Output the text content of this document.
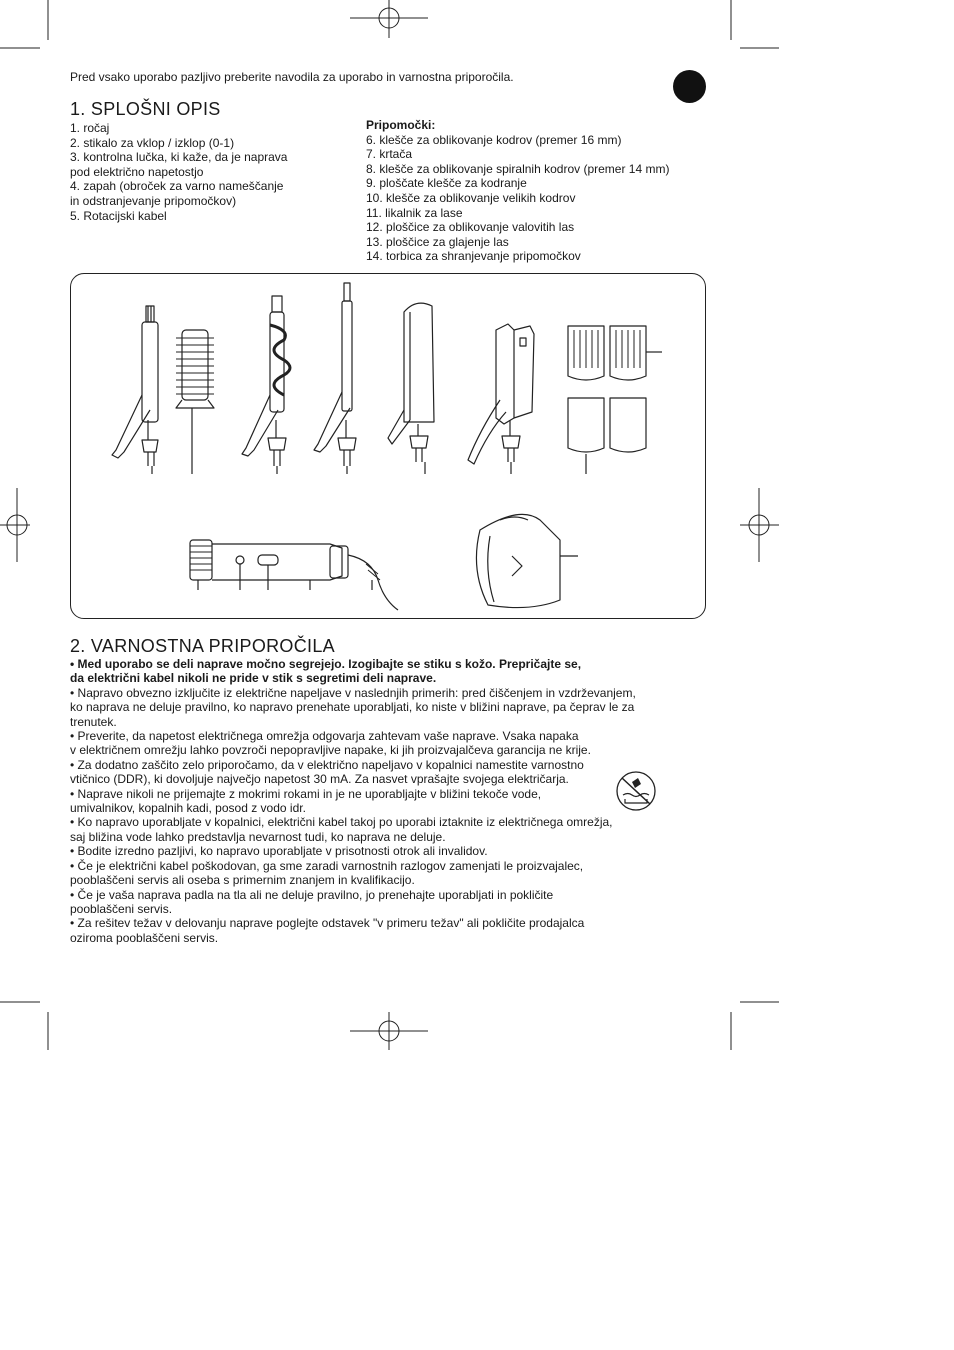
Pred vsako uporabo pazljivo preberite navodila za uporabo in varnostna priporočila.
1. SPLOŠNI OPIS
1. ročaj
2. stikalo za vklop / izklop (0-1)
3. kontrolna lučka, ki kaže, da je naprava
pod električno napetostjo
4. zapah (obroček za varno nameščanje
in odstranjevanje pripomočkov)
5. Rotacijski kabel
Pripomočki:
6. klešče za oblikovanje kodrov (premer 16 mm)
7. krtača
8. klešče za oblikovanje spiralnih kodrov (premer 14 mm)
9. ploščate klešče za kodranje
10. klešče za oblikovanje velikih kodrov
11. likalnik za lase
12. ploščice za oblikovanje valovitih las
13. ploščice za glajenje las
14. torbica za shranjevanje pripomočkov
2. VARNOSTNA PRIPOROČILA

• Med uporabo se deli naprave močno segrejejo. Izogibajte se stiku s kožo. Prepričajte se,
da električni kabel nikoli ne pride v stik s segretimi deli naprave.

• Napravo obvezno izključite iz električne napeljave v naslednjih primerih: pred čiščenjem in vzdrževanjem,
ko naprava ne deluje pravilno, ko napravo prenehate uporabljati, ko niste v bližini naprave, pa čeprav le za
trenutek.

• Preverite, da napetost električnega omrežja odgovarja zahtevam vaše naprave. Vsaka napaka
v električnem omrežju lahko povzroči nepopravljive napake, ki jih proizvajalčeva garancija ne krije.

• Za dodatno zaščito zelo priporočamo, da v električno napeljavo v kopalnici namestite varnostno
vtičnico (DDR), ki dovoljuje največjo napetost 30 mA. Za nasvet vprašajte svojega električarja.

• Naprave nikoli ne prijemajte z mokrimi rokami in je ne uporabljajte v bližini tekoče vode,
umivalnikov, kopalnih kadi, posod z vodo idr.

• Ko napravo uporabljate v kopalnici, električni kabel takoj po uporabi iztaknite iz električnega omrežja,
saj bližina vode lahko predstavlja nevarnost tudi, ko naprava ne deluje.

• Bodite izredno pazljivi, ko napravo uporabljate v prisotnosti otrok ali invalidov.

• Če je električni kabel poškodovan, ga sme zaradi varnostnih razlogov zamenjati le proizvajalec,
pooblaščeni servis ali oseba s primernim znanjem in kvalifikacijo.

• Če je vaša naprava padla na tla ali ne deluje pravilno, jo prenehajte uporabljati in pokličite
pooblaščeni servis.

• Za rešitev težav v delovanju naprave poglejte odstavek "v primeru težav" ali pokličite prodajalca
oziroma pooblaščeni servis.
